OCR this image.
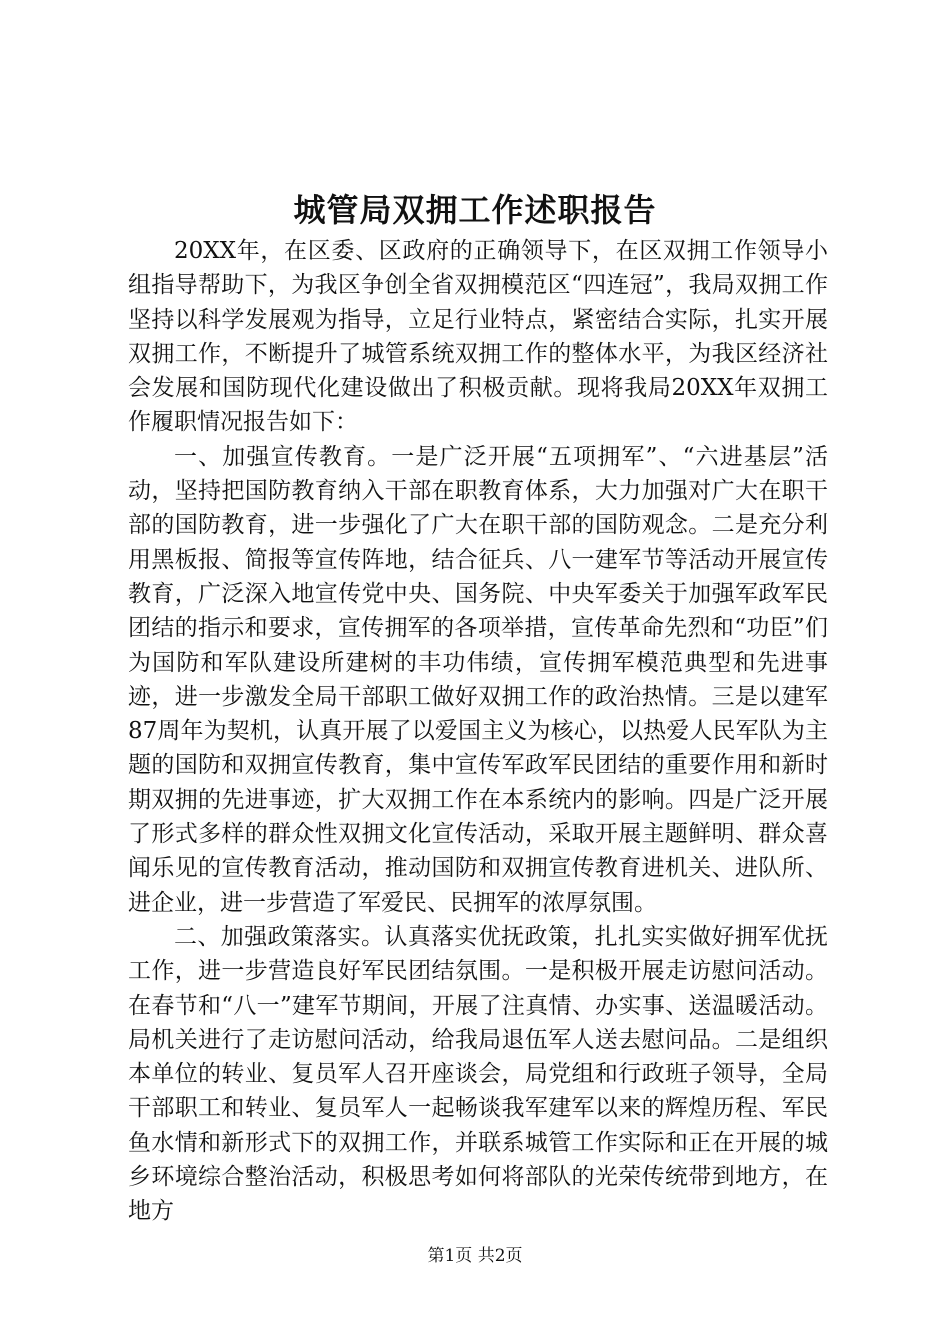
城管局双拥工作述职报告

20XX年，在区委、区政府的正确领导下，在区双拥工作领导小组指导帮助下，为我区争创全省双拥模范区“四连冠”，我局双拥工作坚持以科学发展观为指导，立足行业特点，紧密结合实际，扎实开展双拥工作，不断提升了城管系统双拥工作的整体水平，为我区经济社会发展和国防现代化建设做出了积极贡献。现将我局20XX年双拥工作履职情况报告如下：

一、加强宣传教育。一是广泛开展“五项拥军”、“六进基层”活动，坚持把国防教育纳入干部在职教育体系，大力加强对广大在职干部的国防教育，进一步强化了广大在职干部的国防观念。二是充分利用黑板报、简报等宣传阵地，结合征兵、八一建军节等活动开展宣传教育，广泛深入地宣传党中央、国务院、中央军委关于加强军政军民团结的指示和要求，宣传拥军的各项举措，宣传革命先烈和“功臣”们为国防和军队建设所建树的丰功伟绩，宣传拥军模范典型和先进事迹，进一步激发全局干部职工做好双拥工作的政治热情。三是以建军87周年为契机，认真开展了以爱国主义为核心，以热爱人民军队为主题的国防和双拥宣传教育，集中宣传军政军民团结的重要作用和新时期双拥的先进事迹，扩大双拥工作在本系统内的影响。四是广泛开展了形式多样的群众性双拥文化宣传活动，采取开展主题鲜明、群众喜闻乐见的宣传教育活动，推动国防和双拥宣传教育进机关、进队所、进企业，进一步营造了军爱民、民拥军的浓厚氛围。

二、加强政策落实。认真落实优抚政策，扎扎实实做好拥军优抚工作，进一步营造良好军民团结氛围。一是积极开展走访慰问活动。在春节和“八一”建军节期间，开展了注真情、办实事、送温暖活动。局机关进行了走访慰问活动，给我局退伍军人送去慰问品。二是组织本单位的转业、复员军人召开座谈会，局党组和行政班子领导，全局干部职工和转业、复员军人一起畅谈我军建军以来的辉煌历程、军民鱼水情和新形式下的双拥工作，并联系城管工作实际和正在开展的城乡环境综合整治活动，积极思考如何将部队的光荣传统带到地方，在地方

第1页 共2页
